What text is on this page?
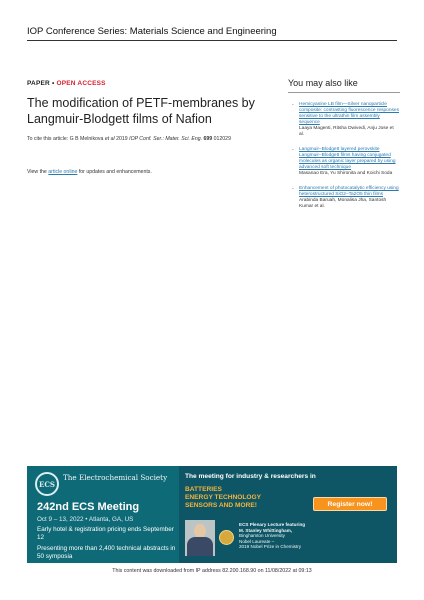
IOP Conference Series: Materials Science and Engineering
PAPER • OPEN ACCESS
The modification of PETF-membranes by Langmuir-Blodgett films of Nafion
To cite this article: G B Melnikova et al 2019 IOP Conf. Ser.: Mater. Sci. Eng. 699 012029
View the article online for updates and enhancements.
You may also like
- Hemicyanine LB film—Silver nanoparticle composite: contrasting fluorescence responses sensitive to the ultrathin film assembly sequence
Laaya Magenti, Ritsha Dwivedi, Anju Jose et al.
- Langmuir–Blodgett layered perovskite Langmuir–Blodgett films having conjugated molecules as organic layer prepared by using advanced soft technique
Masanao Era, Yu Shironita and Koichi Soda
- Enhancement of photocatalytic efficiency using heterostructured SiO2–Ta2O5 thin films
Arabinda Baruah, Monalisa Jha, Santosh Kumar et al.
ECS
The Electrochemical Society
242nd ECS Meeting
Oct 9 – 13, 2022 • Atlanta, GA, US
Early hotel & registration pricing ends September 12
Presenting more than 2,400 technical abstracts in 50 symposia
The meeting for industry & researchers in
BATTERIES
ENERGY TECHNOLOGY
SENSORS AND MORE!	Register now!
ECS Plenary Lecture featuring
M. Stanley Whittingham,
Binghamton University
Nobel Laureate –
2019 Nobel Prize in Chemistry
This content was downloaded from IP address 82.200.168.90 on 11/08/2022 at 09:13
